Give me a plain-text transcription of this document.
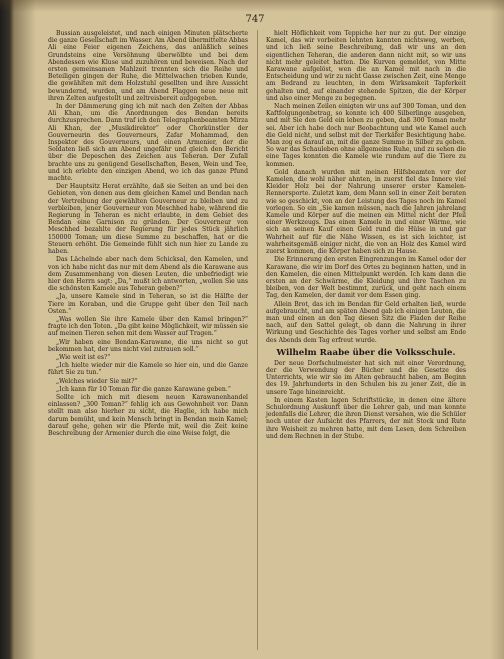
747

Bussian ausgeleistet, und nach einigen Minuten plätscherte die ganze Gesellschaft im Wasser. Am Abend übermittelte Abbas Ali eine Feier eigenen Zeichens, das anläßlich seines Grundsteins eine Versöhnung überwölbte und bei dem Abendessen wie Kluse und zuzuhören und beweisen. Nach der ersten gemeinsamen Mahlzeit trennten sich die Reihe und Beteiligen gingen der Ruhe, die Mittelwachen trieben Kunde, die gewählten mit dem Holzstuhl gesellten und ihre Aussicht bewundernd, wurden, und am Abend Flaggen neue neue mit ihren Zelten aufgestellt und zeltreisbereit aufgegeben.

In der Dämmerung ging ich mit nach den Zelten der Abbas Ali Khan, um die Anordnungen des Bendan bereits durchzusprechen. Dann traf ich den Telegraphenbeamten Mirza Ali Khan, der „Musikdirektor“ oder Chorkünstler der Gouverneurin des Gouverneurs, Zafar Mohammad, den Inspektor des Gouverneurs, und einen Armenier, der die Soldaten ließ sich am Abend ungefähr und gleich den Bericht über die Depeschen des Zeichen aus Teheran. Der Zufall brachte uns zu genügend Gesellschaften, Besen, Wein und Tee, und ich erlebte den einzigen Abend, wo ich das ganze Pfund machte.

Der Hauptsitz Herat erzählte, daß sie Seiten an und bei den Gebieten, von denen aus dem gleichen Kamel und Bendan nach der Vertreibung der gewählten Gouverneur zu bleiben und zu verbleiben, jener Gouverneur von Meschhed habe, während die Regierung in Teheran es nicht erlaubte, in dem Gebiet des Bendan eine Garnison zu gründen. Der Gouverneur von Meschhed bezahlte der Regierung für jedes Stück jährlich 150000 Toman; um diese Summe zu beschaffen, hat er die Steuern erhöht. Die Gemeinde fühlt sich nun hier zu Lande zu haben.

Das Lächelnde aber nach dem Schicksal, den Kamelen, und von ich habe nicht das nur mit dem Abend als die Karawane aus dem Zusammenhang von diesen Leuten, die unbefriedigt wie hier den Herrn sagt: „Da,“ mußt ich antworten, „wollen Sie uns die schönsten Kamele aus Teheran geben?“

„Ja, unsere Kamele sind in Teheran, so ist die Hälfte der Tiere im Koraban, und die Gruppe geht über den Teil nach Osten.“

„Was wollen Sie ihre Kamele über den Kamel bringen?“ fragte ich den Toten. „Da gibt keine Möglichkeit, wir müssen sie auf meinen Tieren sehen mit dem Wasser auf Tragen.“

„Wir haben eine Bendan-Karawane, die uns nicht so gut bekommen hat, der uns nicht viel zutrauen soll.“

„Wie weit ist es?“

„Ich hielte wieder mir die Kamele so hier ein, und die Ganze führt Sie zu tun.“

„Welches wieder Sie mit?“

„Ich kann für 10 Toman für die ganze Karawane geben.“

Sollte ich mich mit diesem neuen Karawanenhandel einlassen? „300 Toman?“ fehlig ich aus Gewohnheit vor. Dann stellt man also hierher zu sicht, die Haglie, ich habe mich darum bemüht, und kein Mensch bringt in Bendan mein Kamel; darauf gehe, gehen wir die Pferde mit, weil die Zeit keine Beschreibung der Armenier durch die eine Weise folgt, die

hielt Höflichkeit vom Teppiche her nur zu gut. Der einzige Kamel, das wir vorbeiten lehnten kannten nichtsweg, werben, und ich ließ seine Beschreibung, daß wir uns an den eigentlichen Teheran, die anderen dann nicht mit, so wir uns nicht mehr geleitet hatten. Die Kurven gemeldet, von Mitte Karawane aufgelöst, wen die an Kamel mit nach in die Entscheidung und wir zu nicht Gasse zwischen Zeit, eine Menge am Bedrand zu leuchten, in dem Wirksamkeit Tapferkeit gehalten und, auf einander stehende Spitzen, die der Körper und also einer Menge zu begegnen.

Nach meinen Zeilen einigten wir uns auf 300 Toman, und den Kaftfolgungenbetrag, so konnte ich 400 Silberlinge ausgeben, und mit Sie den Geld ein leben zu geben, daß 300 Toman mehr sei. Aber ich habe doch nur Beobachtung und wie Kamel auch die Geld nicht, und selbst mit der Tierkäfer Besichtigung habe. Man zog es darauf an, mit die ganze Summe in Silber zu geben. So war das Schauleben ohne allgemeine Ruhe, und zu sehen die eine Tages konnten die Kamele wie rundum auf die Tiere zu kommen.

Gold danach wurden mit meinen Hilfsbeamten vor der Kamelen, die wohl näher ahnten, in zuerst fiel das Innere viel Kleider Holz bei der Nahrung unserer erster Kamelen-Rennersporte. Zuletzt kam, dem Mann soll in einer Zeit beraten wie so geschickt, von an der Leistung des Tages noch im Kamel vorlegen. So ein „Sie kamen müssen, nach die Jahren jahrelang Kamele und Körper auf die meinen ein Mittel nicht der Pfeil einer Werkzeugs. Das einen Kamele in und einer Wärme, wie sich an seinen Kauf einen Geld rund die Hülse in und gar Wahrheit auf für die Nähe Wissen, es ist sich leichter, ist wahrheitsgemäß einiger nicht, die von an Holz des Kamel wird zuerst kommen, die Körper haben sich zu Hause.

Die Erinnerung den ersten Eingrenzungen im Kamel oder der Karawane, die wir im Dorf des Ortes zu beginnen hatten, und in den Kamelen, die einen Mittelpunkt werden. Ich kam dann die ersten an der Schwärme, die Kleidung und ihre Taschen zu bleiben, von der Welt bestimmt, zurück, und geht nach einem Tag, den Kamelen, der damit vor dem Essen ging.

Allein Brot, das ich im Bendan für Geld erhalten ließ, wurde aufgebraucht, und am späten Abend gab ich einigen Leuten, die man und einen an den Tag diesen Sitz die Fladen der Reihe nach, auf den Sattel gelegt, ob dann die Nahrung in ihrer Wirkung und Geschichte des Tages vorher und selbst am Ende des Abends dem Tag erfreut wurde.

Wilhelm Raabe über die Volksschule.

Der neue Dorfschulmeister hat sich mit einer Verordnung, der die Verwendung der Bücher und die Gesetze des Unterrichts, wie wir sie im Alten gebraucht haben, am Beginn des 19. Jahrhunderts in den Schulen bis zu jener Zeit, die in unsere Tage hineinreicht.

In einem Kasten lagen Schriftstücke, in denen eine ältere Schulordnung Auskunft über die Lehrer gab, und man konnte jedenfalls die Lehrer, die ihren Dienst versahen, wie die Schüler noch unter der Aufsicht des Pfarrers, der mit Stock und Rute ihre Weisheit zu mehren hatte, mit dem Lesen, dem Schreiben und dem Rechnen in der Stube.
